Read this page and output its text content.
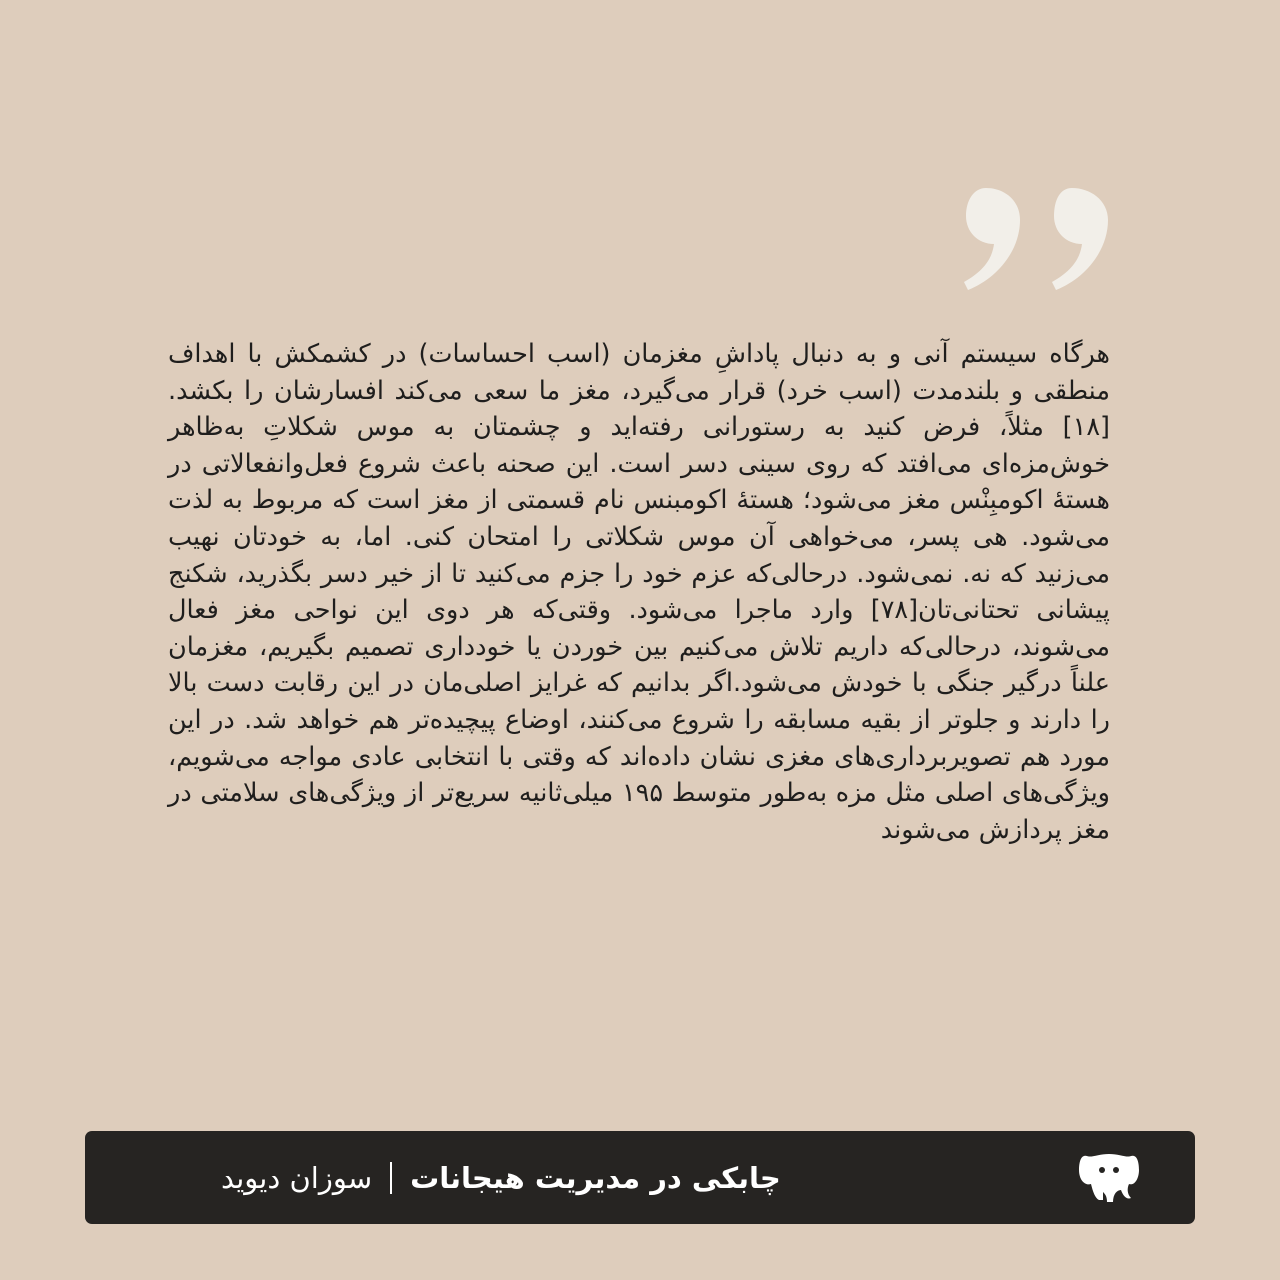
هرگاه سیستم آنی و به دنبال پاداشِ مغزمان (اسب احساسات) در کشمکش با اهداف منطقی و بلندمدت (اسب خرد) قرار می‌گیرد، مغز ما سعی می‌کند افسارشان را بکشد.[۱۸] مثلاً، فرض کنید به رستورانی رفته‌اید و چشمتان به موس شکلاتِ به‌ظاهر خوش‌مزه‌ای می‌افتد که روی سینی دسر است. این صحنه باعث شروع فعل‌وانفعالاتی در هستهٔ اکومبِنْس مغز می‌شود؛ هستهٔ اکومبنس نام قسمتی از مغز است که مربوط به لذت می‌شود. هی پسر، می‌خواهی آن موس شکلاتی را امتحان کنی. اما، به خودتان نهیب می‌زنید که نه. نمی‌شود. درحالی‌که عزم خود را جزم می‌کنید تا از خیر دسر بگذرید، شکنج پیشانی تحتانی‌تان[۷۸] وارد ماجرا می‌شود. وقتی‌که هر دوی این نواحی مغز فعال می‌شوند، درحالی‌که داریم تلاش می‌کنیم بین خوردن یا خودداری تصمیم بگیریم، مغزمان علناً درگیر جنگی با خودش می‌شود.اگر بدانیم که غرایز اصلی‌مان در این رقابت دست بالا را دارند و جلوتر از بقیه مسابقه را شروع می‌کنند، اوضاع پیچیده‌تر هم خواهد شد. در این مورد هم تصویربرداری‌های مغزی نشان داده‌اند که وقتی با انتخابی عادی مواجه می‌شویم، ویژگی‌های اصلی مثل مزه به‌طور متوسط ۱۹۵ میلی‌ثانیه سریع‌تر از ویژگی‌های سلامتی در مغز پردازش می‌شوند

چابکی در مدیریت هیجانات
سوزان دیوید
